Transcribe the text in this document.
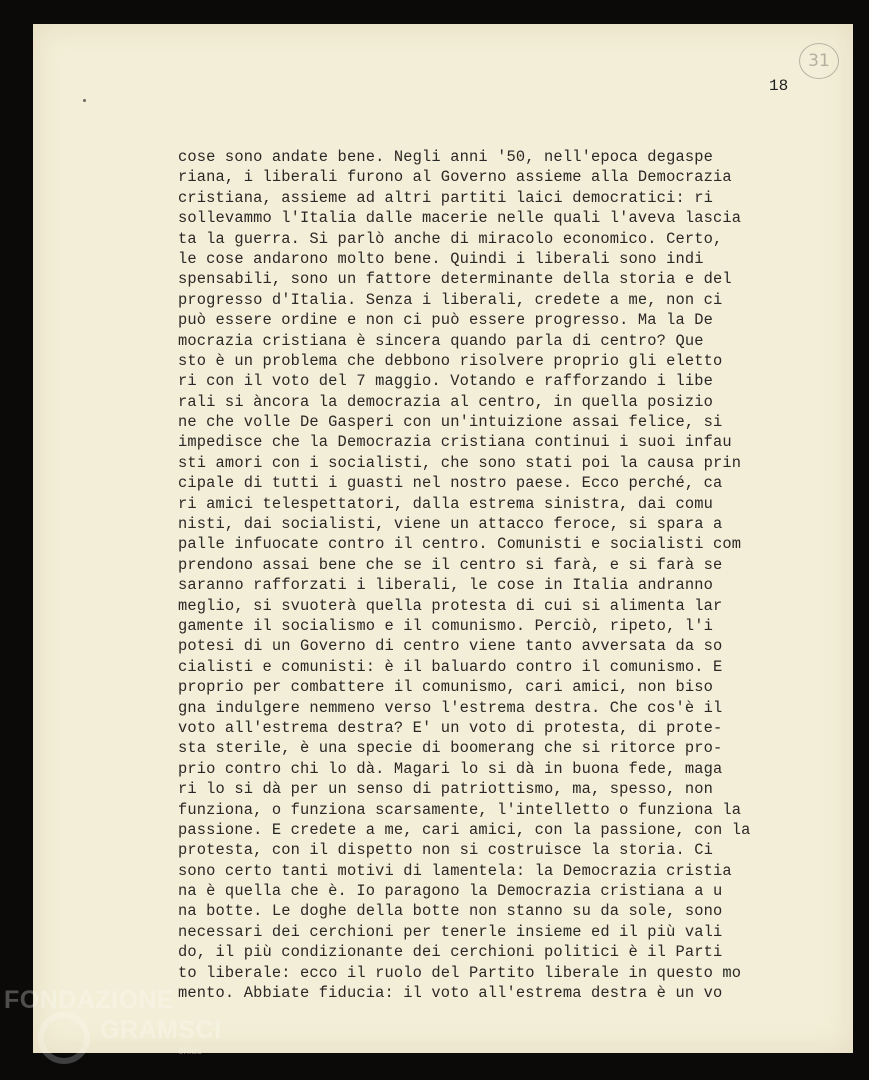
31
18
cose sono andate bene. Negli anni '50, nell'epoca degaspe
riana, i liberali furono al Governo assieme alla Democrazia
cristiana, assieme ad altri partiti laici democratici: ri
sollevammo l'Italia dalle macerie nelle quali l'aveva lascia
ta la guerra. Si parlò anche di miracolo economico. Certo,
le cose andarono molto bene. Quindi i liberali sono indi
spensabili, sono un fattore determinante della storia e del
progresso d'Italia. Senza i liberali, credete a me, non ci
può essere ordine e non ci può essere progresso. Ma la De
mocrazia cristiana è sincera quando parla di centro? Que
sto è un problema che debbono risolvere proprio gli eletto
ri con il voto del 7 maggio. Votando e rafforzando i libe
rali si àncora la democrazia al centro, in quella posizio
ne che volle De Gasperi con un'intuizione assai felice, si
impedisce che la Democrazia cristiana continui i suoi infau
sti amori con i socialisti, che sono stati poi la causa prin
cipale di tutti i guasti nel nostro paese. Ecco perché, ca
ri amici telespettatori, dalla estrema sinistra, dai comu
nisti, dai socialisti, viene un attacco feroce, si spara a
palle infuocate contro il centro. Comunisti e socialisti com
prendono assai bene che se il centro si farà, e si farà se
saranno rafforzati i liberali, le cose in Italia andranno
meglio, si svuoterà quella protesta di cui si alimenta lar
gamente il socialismo e il comunismo. Perciò, ripeto, l'i
potesi di un Governo di centro viene tanto avversata da so
cialisti e comunisti: è il baluardo contro il comunismo. E
proprio per combattere il comunismo, cari amici, non biso
gna indulgere nemmeno verso l'estrema destra. Che cos'è il
voto all'estrema destra? E' un voto di protesta, di prote-
sta sterile, è una specie di boomerang che si ritorce pro-
prio contro chi lo dà. Magari lo si dà in buona fede, maga
ri lo si dà per un senso di patriottismo, ma, spesso, non
funziona, o funziona scarsamente, l'intelletto o funziona la
passione. E credete a me, cari amici, con la passione, con la
protesta, con il dispetto non si costruisce la storia. Ci
sono certo tanti motivi di lamentela: la Democrazia cristia
na è quella che è. Io paragono la Democrazia cristiana a u
na botte. Le doghe della botte non stanno su da sole, sono
necessari dei cerchioni per tenerle insieme ed il più vali
do, il più condizionante dei cerchioni politici è il Parti
to liberale: ecco il ruolo del Partito liberale in questo mo
mento. Abbiate fiducia: il voto all'estrema destra è un vo
FONDAZIONE
GRAMSCI
onlus
